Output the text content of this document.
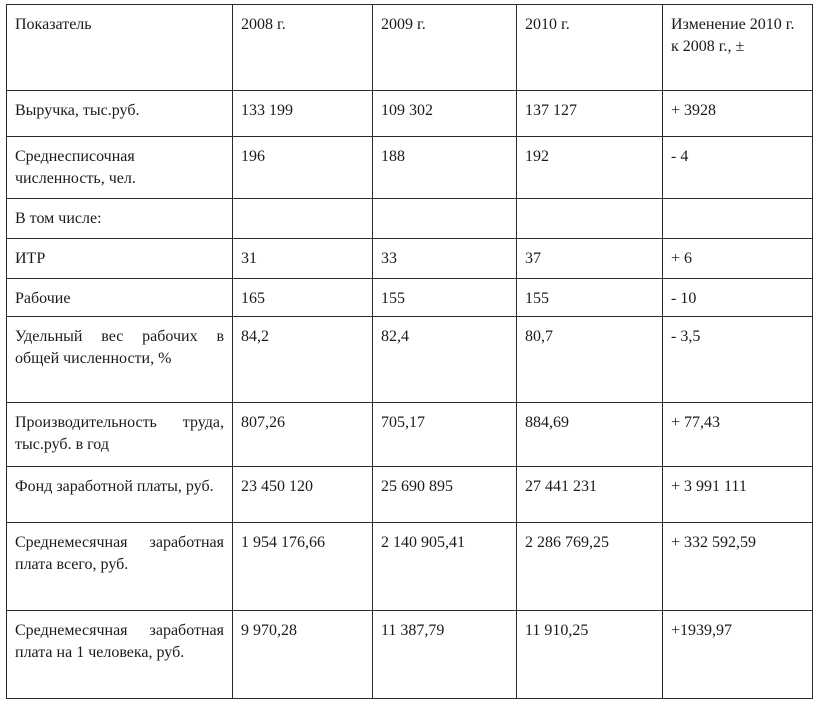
Показатель	2008 г.	2009 г.	2010 г.	Изменение 2010 г. к 2008 г., ±
Выручка, тыс.руб.	133 199	109 302	137 127	+ 3928
Среднесписочная численность, чел.	196	188	192	- 4
В том числе:				
ИТР	31	33	37	+ 6
Рабочие	165	155	155	- 10
Удельный вес рабочих в общей численности, %	84,2	82,4	80,7	- 3,5
Производительность труда, тыс.руб. в год	807,26	705,17	884,69	+ 77,43
Фонд заработной платы, руб.	23 450 120	25 690 895	27 441 231	+ 3 991 111
Среднемесячная заработная плата всего, руб.	1 954 176,66	2 140 905,41	2 286 769,25	+ 332 592,59
Среднемесячная заработная плата на 1 человека, руб.	9 970,28	11 387,79	11 910,25	+1939,97
